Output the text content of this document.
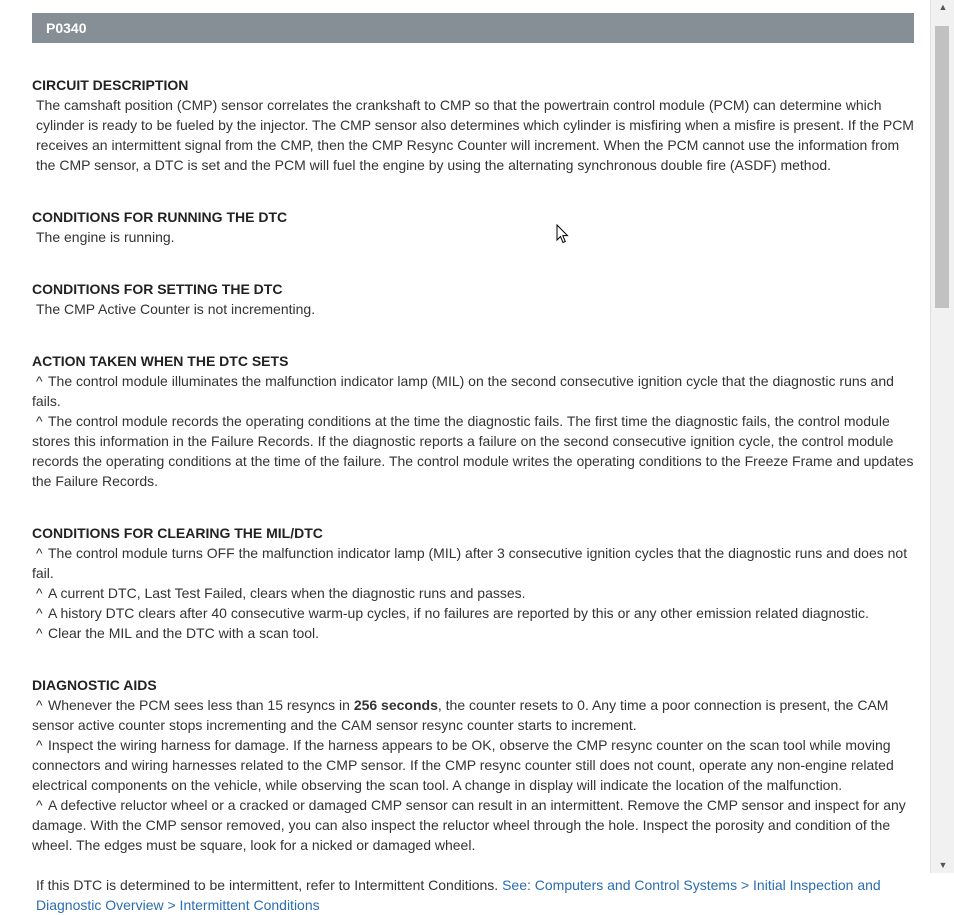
P0340
CIRCUIT DESCRIPTION
The camshaft position (CMP) sensor correlates the crankshaft to CMP so that the powertrain control module (PCM) can determine which cylinder is ready to be fueled by the injector. The CMP sensor also determines which cylinder is misfiring when a misfire is present. If the PCM receives an intermittent signal from the CMP, then the CMP Resync Counter will increment. When the PCM cannot use the information from the CMP sensor, a DTC is set and the PCM will fuel the engine by using the alternating synchronous double fire (ASDF) method.
CONDITIONS FOR RUNNING THE DTC
The engine is running.
CONDITIONS FOR SETTING THE DTC
The CMP Active Counter is not incrementing.
ACTION TAKEN WHEN THE DTC SETS
^ The control module illuminates the malfunction indicator lamp (MIL) on the second consecutive ignition cycle that the diagnostic runs and fails.
^ The control module records the operating conditions at the time the diagnostic fails. The first time the diagnostic fails, the control module stores this information in the Failure Records. If the diagnostic reports a failure on the second consecutive ignition cycle, the control module records the operating conditions at the time of the failure. The control module writes the operating conditions to the Freeze Frame and updates the Failure Records.
CONDITIONS FOR CLEARING THE MIL/DTC
^ The control module turns OFF the malfunction indicator lamp (MIL) after 3 consecutive ignition cycles that the diagnostic runs and does not fail.
^ A current DTC, Last Test Failed, clears when the diagnostic runs and passes.
^ A history DTC clears after 40 consecutive warm-up cycles, if no failures are reported by this or any other emission related diagnostic.
^ Clear the MIL and the DTC with a scan tool.
DIAGNOSTIC AIDS
^ Whenever the PCM sees less than 15 resyncs in 256 seconds, the counter resets to 0. Any time a poor connection is present, the CAM sensor active counter stops incrementing and the CAM sensor resync counter starts to increment.
^ Inspect the wiring harness for damage. If the harness appears to be OK, observe the CMP resync counter on the scan tool while moving connectors and wiring harnesses related to the CMP sensor. If the CMP resync counter still does not count, operate any non-engine related electrical components on the vehicle, while observing the scan tool. A change in display will indicate the location of the malfunction.
^ A defective reluctor wheel or a cracked or damaged CMP sensor can result in an intermittent. Remove the CMP sensor and inspect for any damage. With the CMP sensor removed, you can also inspect the reluctor wheel through the hole. Inspect the porosity and condition of the wheel. The edges must be square, look for a nicked or damaged wheel.
If this DTC is determined to be intermittent, refer to Intermittent Conditions. See: Computers and Control Systems > Initial Inspection and Diagnostic Overview > Intermittent Conditions
▲
▼
